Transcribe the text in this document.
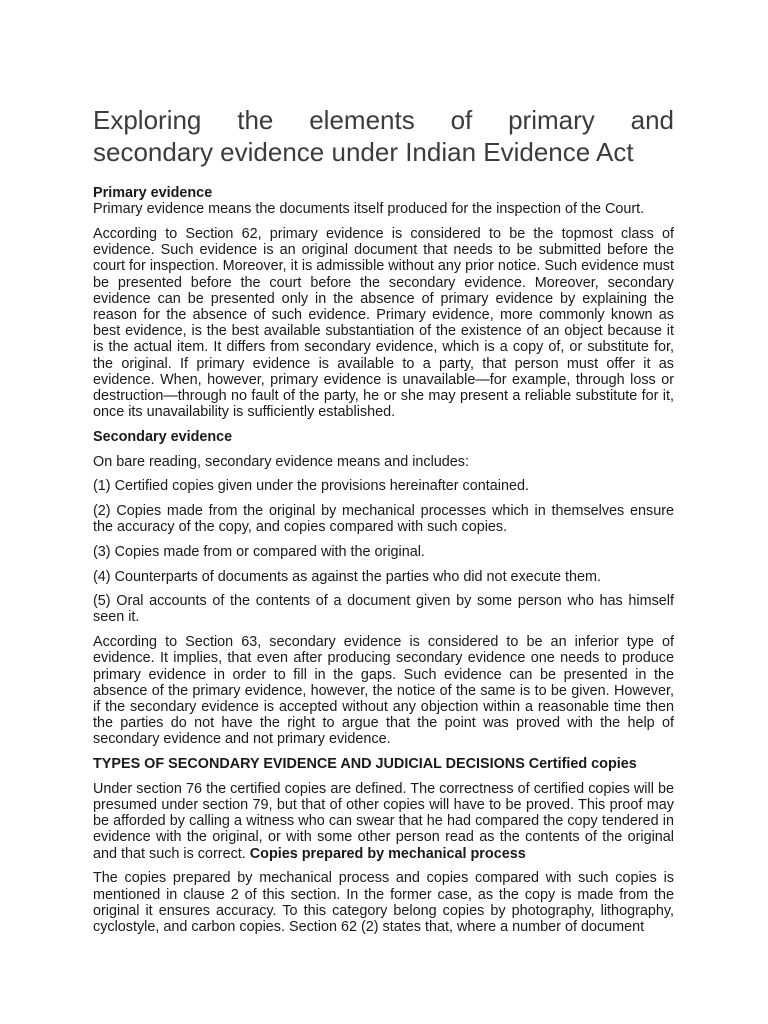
Exploring the elements of primary and
secondary evidence under Indian Evidence Act

Primary evidence

Primary evidence means the documents itself produced for the inspection of the Court.

According to Section 62, primary evidence is considered to be the topmost class of evidence. Such evidence is an original document that needs to be submitted before the court for inspection. Moreover, it is admissible without any prior notice. Such evidence must be presented before the court before the secondary evidence. Moreover, secondary evidence can be presented only in the absence of primary evidence by explaining the reason for the absence of such evidence. Primary evidence, more commonly known as best evidence, is the best available substantiation of the existence of an object because it is the actual item. It differs from secondary evidence, which is a copy of, or substitute for, the original. If primary evidence is available to a party, that person must offer it as evidence. When, however, primary evidence is unavailable—for example, through loss or destruction—through no fault of the party, he or she may present a reliable substitute for it, once its unavailability is sufficiently established.

Secondary evidence

On bare reading, secondary evidence means and includes:

(1) Certified copies given under the provisions hereinafter contained.

(2) Copies made from the original by mechanical processes which in themselves ensure the accuracy of the copy, and copies compared with such copies.

(3) Copies made from or compared with the original.

(4) Counterparts of documents as against the parties who did not execute them.

(5) Oral accounts of the contents of a document given by some person who has himself seen it.

According to Section 63, secondary evidence is considered to be an inferior type of evidence. It implies, that even after producing secondary evidence one needs to produce primary evidence in order to fill in the gaps. Such evidence can be presented in the absence of the primary evidence, however, the notice of the same is to be given. However, if the secondary evidence is accepted without any objection within a reasonable time then the parties do not have the right to argue that the point was proved with the help of secondary evidence and not primary evidence.

TYPES OF SECONDARY EVIDENCE AND JUDICIAL DECISIONS Certified copies

Under section 76 the certified copies are defined. The correctness of certified copies will be presumed under section 79, but that of other copies will have to be proved. This proof may be afforded by calling a witness who can swear that he had compared the copy tendered in evidence with the original, or with some other person read as the contents of the original and that such is correct. Copies prepared by mechanical process

The copies prepared by mechanical process and copies compared with such copies is mentioned in clause 2 of this section. In the former case, as the copy is made from the original it ensures accuracy. To this category belong copies by photography, lithography, cyclostyle, and carbon copies. Section 62 (2) states that, where a number of document
